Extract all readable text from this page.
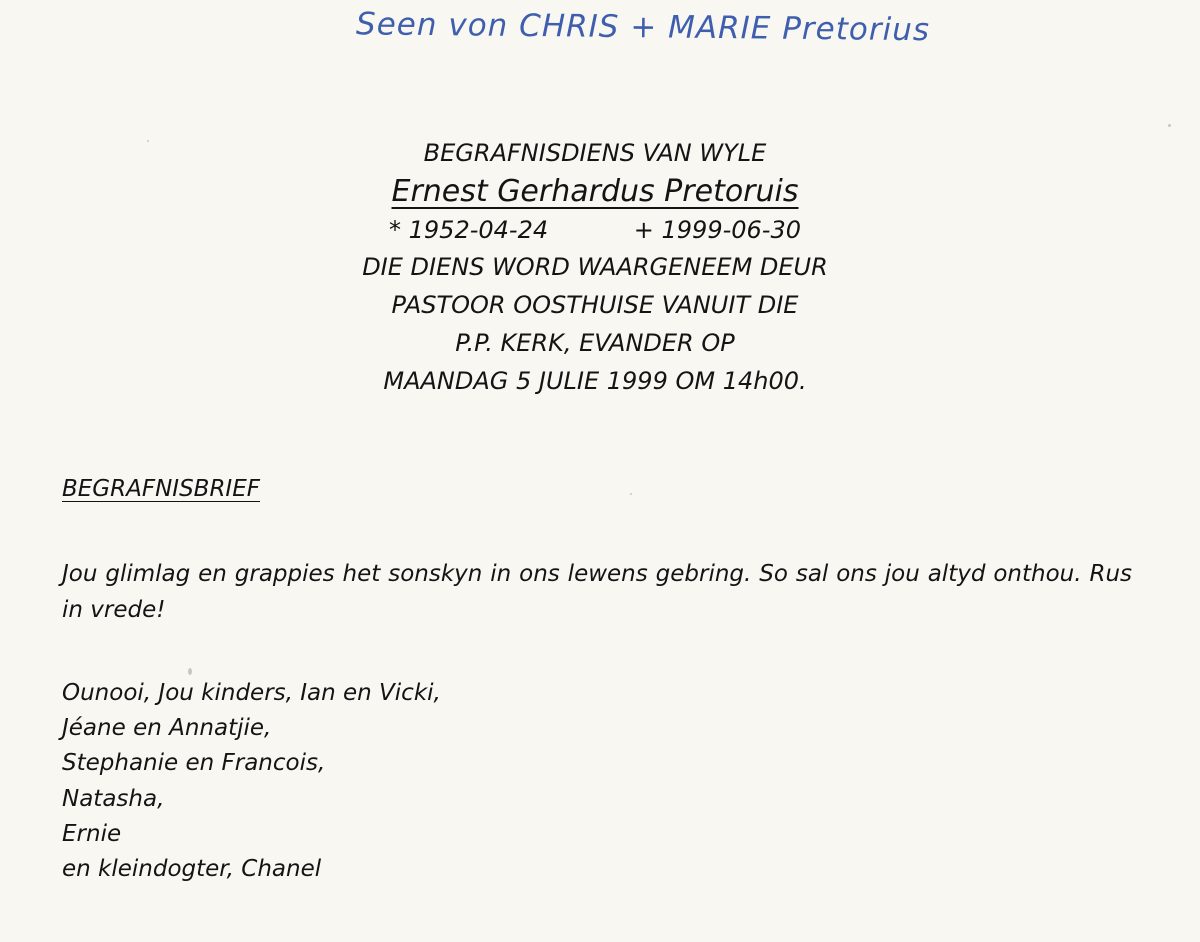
Seen von CHRIS + MARIE Pretorius
BEGRAFNISDIENS VAN WYLE
Ernest Gerhardus Pretoruis
* 1952-04-24	+ 1999-06-30
DIE DIENS WORD WAARGENEEM DEUR
PASTOOR OOSTHUISE VANUIT DIE
P.P. KERK, EVANDER OP
MAANDAG 5 JULIE 1999 OM 14h00.
BEGRAFNISBRIEF
Jou glimlag en grappies het sonskyn in ons lewens gebring. So sal ons jou altyd onthou. Rus in vrede!
Ounooi, Jou kinders, Ian en Vicki,
Jéane en Annatjie,
Stephanie en Francois,
Natasha,
Ernie
en kleindogter, Chanel
